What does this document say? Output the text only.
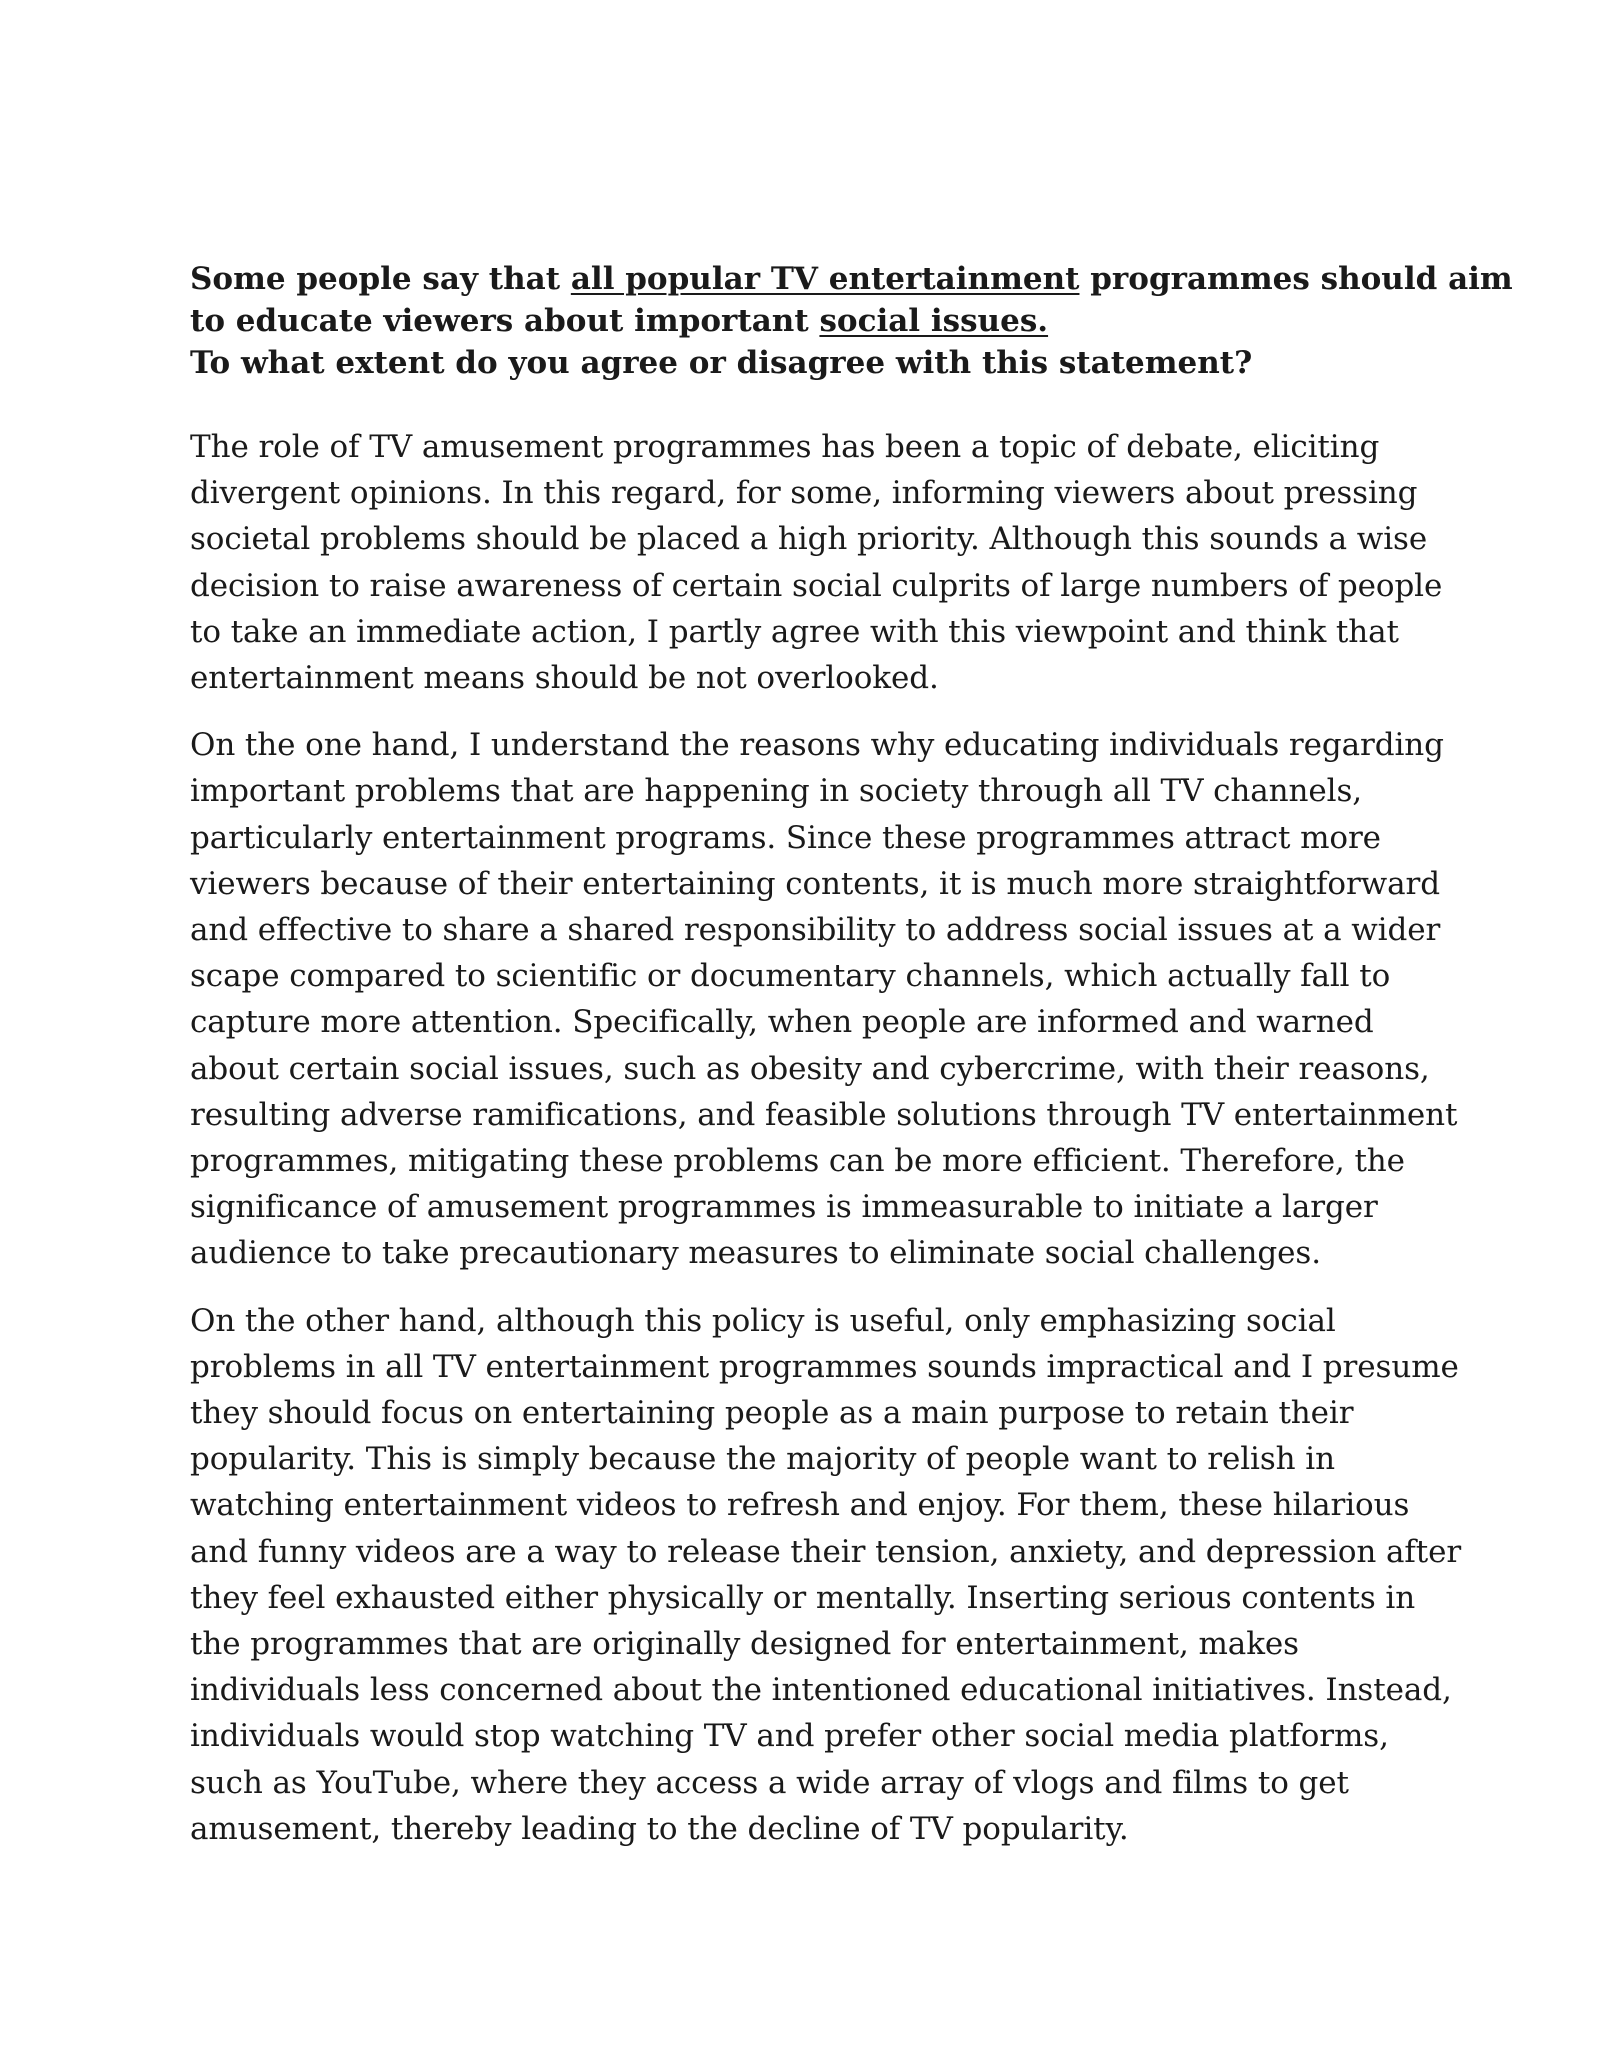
Some people say that all popular TV entertainment programmes should aim
to educate viewers about important social issues.
To what extent do you agree or disagree with this statement?
The role of TV amusement programmes has been a topic of debate, eliciting
divergent opinions. In this regard, for some, informing viewers about pressing
societal problems should be placed a high priority. Although this sounds a wise
decision to raise awareness of certain social culprits of large numbers of people
to take an immediate action, I partly agree with this viewpoint and think that
entertainment means should be not overlooked.
On the one hand, I understand the reasons why educating individuals regarding
important problems that are happening in society through all TV channels,
particularly entertainment programs. Since these programmes attract more
viewers because of their entertaining contents, it is much more straightforward
and effective to share a shared responsibility to address social issues at a wider
scape compared to scientific or documentary channels, which actually fall to
capture more attention. Specifically, when people are informed and warned
about certain social issues, such as obesity and cybercrime, with their reasons,
resulting adverse ramifications, and feasible solutions through TV entertainment
programmes, mitigating these problems can be more efficient. Therefore, the
significance of amusement programmes is immeasurable to initiate a larger
audience to take precautionary measures to eliminate social challenges.
On the other hand, although this policy is useful, only emphasizing social
problems in all TV entertainment programmes sounds impractical and I presume
they should focus on entertaining people as a main purpose to retain their
popularity. This is simply because the majority of people want to relish in
watching entertainment videos to refresh and enjoy. For them, these hilarious
and funny videos are a way to release their tension, anxiety, and depression after
they feel exhausted either physically or mentally. Inserting serious contents in
the programmes that are originally designed for entertainment, makes
individuals less concerned about the intentioned educational initiatives. Instead,
individuals would stop watching TV and prefer other social media platforms,
such as YouTube, where they access a wide array of vlogs and films to get
amusement, thereby leading to the decline of TV popularity.
